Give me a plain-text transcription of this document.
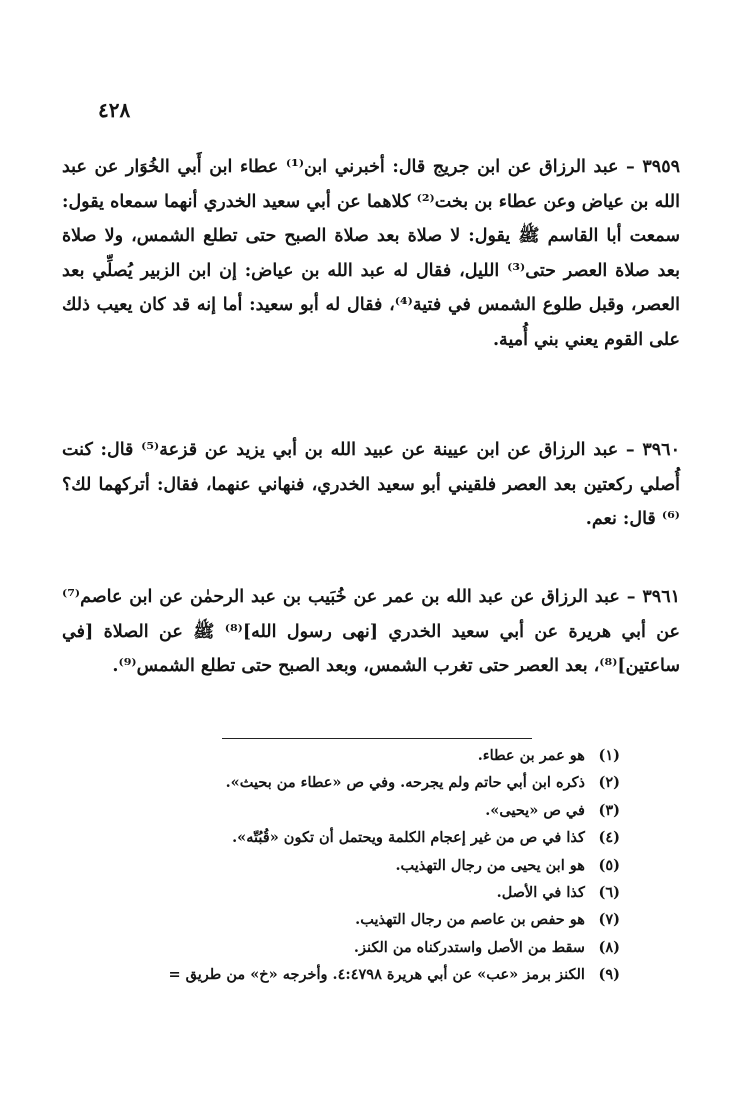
٤٢٨

٣٩٥٩ – عبد الرزاق عن ابن جريج قال: أخبرني ابن⁽¹⁾ عطاء ابن أَبي الخُوَار عن عبد الله بن عياض وعن عطاء بن بخت⁽²⁾ كلاهما عن أبي سعيد الخدري أنهما سمعاه يقول: سمعت أبا القاسم ﷺ يقول: لا صلاة بعد صلاة الصبح حتى تطلع الشمس، ولا صلاة بعد صلاة العصر حتى⁽³⁾ الليل، فقال له عبد الله بن عياض: إن ابن الزبير يُصلِّي بعد العصر، وقبل طلوع الشمس في فتية⁽⁴⁾، فقال له أبو سعيد: أما إنه قد كان يعيب ذلك على القوم يعني بني أُمية.

٣٩٦٠ – عبد الرزاق عن ابن عيينة عن عبيد الله بن أبي يزيد عن قزعة⁽⁵⁾ قال: كنت أُصلي ركعتين بعد العصر فلقيني أبو سعيد الخدري، فنهاني عنهما، فقال: أتركهما لك؟⁽⁶⁾ قال: نعم.

٣٩٦١ – عبد الرزاق عن عبد الله بن عمر عن خُبَيب بن عبد الرحمٰن عن ابن عاصم⁽⁷⁾ عن أبي هريرة عن أبي سعيد الخدري [نهى رسول الله]⁽⁸⁾ ﷺ عن الصلاة [في ساعتين]⁽⁸⁾، بعد العصر حتى تغرب الشمس، وبعد الصبح حتى تطلع الشمس⁽⁹⁾.

(١) هو عمر بن عطاء.
(٢) ذكره ابن أبي حاتم ولم يجرحه. وفي ص «عطاء من بحيث».
(٣) في ص «يحيى».
(٤) كذا في ص من غير إعجام الكلمة ويحتمل أن تكون «قُبُتّه».
(٥) هو ابن يحيى من رجال التهذيب.
(٦) كذا في الأصل.
(٧) هو حفص بن عاصم من رجال التهذيب.
(٨) سقط من الأصل واستدركناه من الكنز.
(٩) الكنز برمز «عب» عن أبي هريرة ٤:٤٧٩٨. وأخرجه «خ» من طريق =
